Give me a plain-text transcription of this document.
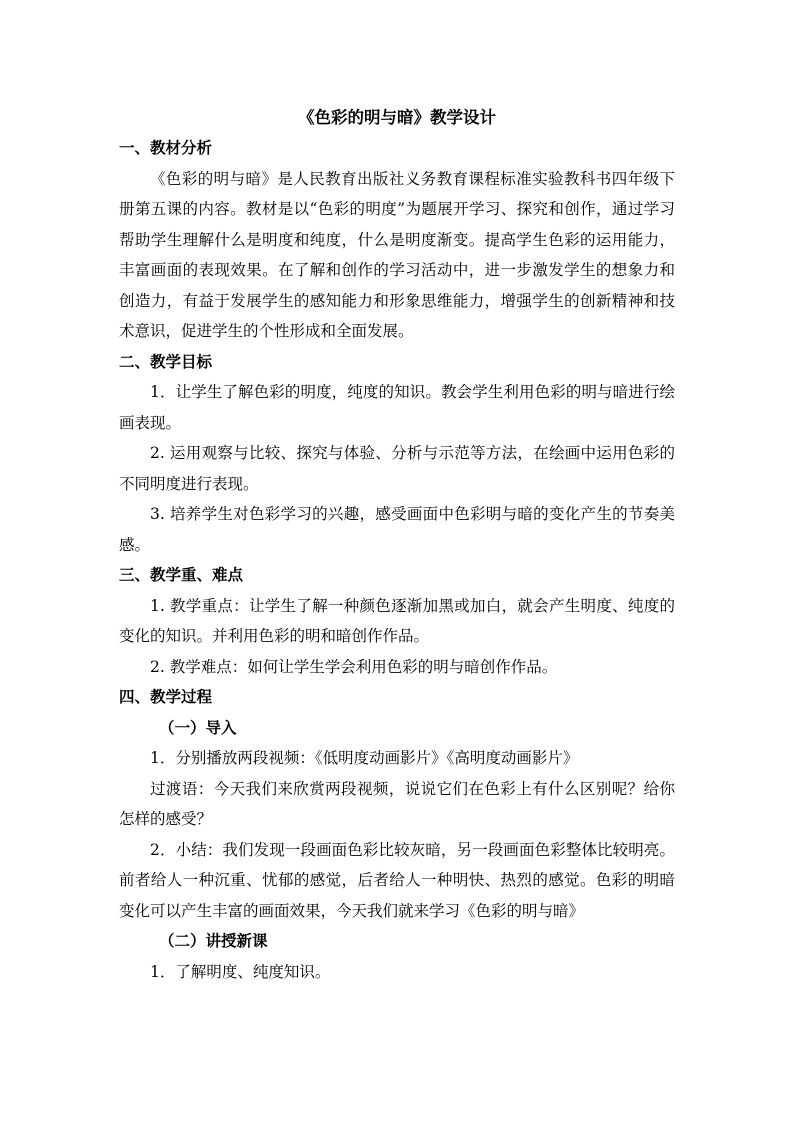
《色彩的明与暗》教学设计
一、教材分析

《色彩的明与暗》是人民教育出版社义务教育课程标准实验教科书四年级下册第五课的内容。教材是以“色彩的明度”为题展开学习、探究和创作，通过学习帮助学生理解什么是明度和纯度，什么是明度渐变。提高学生色彩的运用能力，丰富画面的表现效果。在了解和创作的学习活动中，进一步激发学生的想象力和创造力，有益于发展学生的感知能力和形象思维能力，增强学生的创新精神和技术意识，促进学生的个性形成和全面发展。

二、教学目标

1．让学生了解色彩的明度，纯度的知识。教会学生利用色彩的明与暗进行绘画表现。

2. 运用观察与比较、探究与体验、分析与示范等方法，在绘画中运用色彩的不同明度进行表现。

3. 培养学生对色彩学习的兴趣，感受画面中色彩明与暗的变化产生的节奏美感。

三、教学重、难点

1. 教学重点：让学生了解一种颜色逐渐加黑或加白，就会产生明度、纯度的变化的知识。并利用色彩的明和暗创作作品。

2. 教学难点：如何让学生学会利用色彩的明与暗创作作品。

四、教学过程
（一）导入

1．分别播放两段视频：《低明度动画影片》《高明度动画影片》

过渡语：今天我们来欣赏两段视频，说说它们在色彩上有什么区别呢？给你怎样的感受？

2．小结：我们发现一段画面色彩比较灰暗，另一段画面色彩整体比较明亮。前者给人一种沉重、忧郁的感觉，后者给人一种明快、热烈的感觉。色彩的明暗变化可以产生丰富的画面效果，今天我们就来学习《色彩的明与暗》

（二）讲授新课

1．了解明度、纯度知识。
